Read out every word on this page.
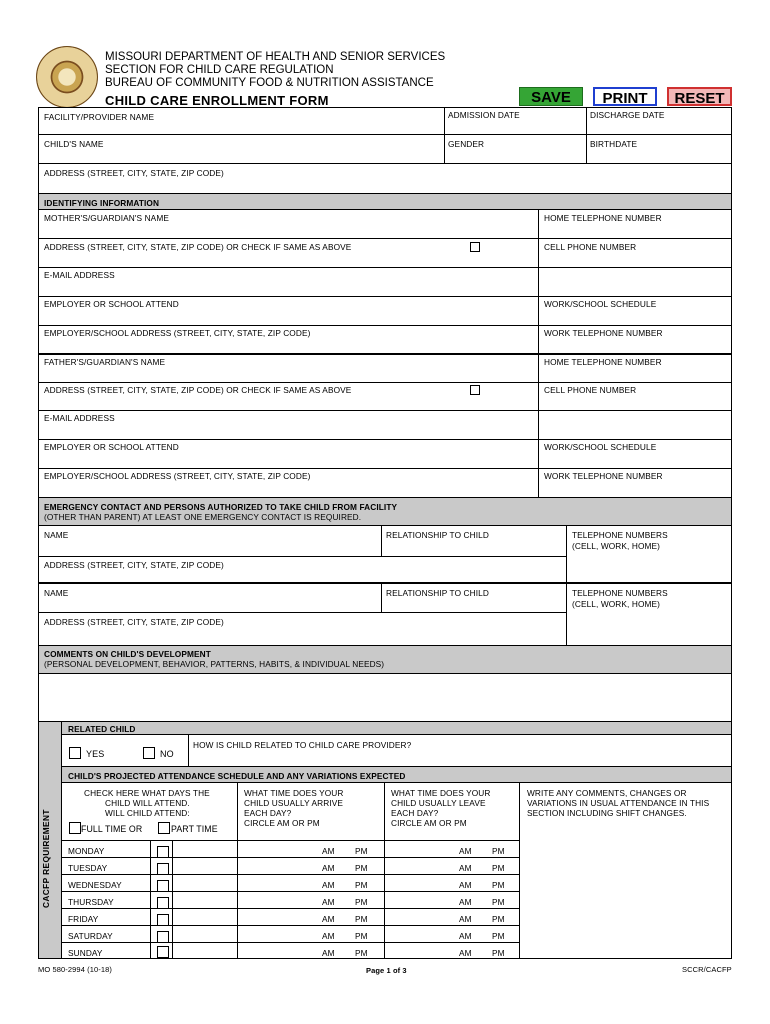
MISSOURI DEPARTMENT OF HEALTH AND SENIOR SERVICES
SECTION FOR CHILD CARE REGULATION
BUREAU OF COMMUNITY FOOD & NUTRITION ASSISTANCE
CHILD CARE ENROLLMENT FORM	SAVE	PRINT	RESET
FACILITY/PROVIDER NAME	ADMISSION DATE	DISCHARGE DATE
CHILD'S NAME	GENDER	BIRTHDATE
ADDRESS (STREET, CITY, STATE, ZIP CODE)
IDENTIFYING INFORMATION
MOTHER'S/GUARDIAN'S NAME	HOME TELEPHONE NUMBER
ADDRESS (STREET, CITY, STATE, ZIP CODE) OR CHECK IF SAME AS ABOVE	CELL PHONE NUMBER
E-MAIL ADDRESS
EMPLOYER OR SCHOOL ATTEND	WORK/SCHOOL SCHEDULE
EMPLOYER/SCHOOL ADDRESS (STREET, CITY, STATE, ZIP CODE)	WORK TELEPHONE NUMBER
FATHER'S/GUARDIAN'S NAME	HOME TELEPHONE NUMBER
ADDRESS (STREET, CITY, STATE, ZIP CODE) OR CHECK IF SAME AS ABOVE	CELL PHONE NUMBER
E-MAIL ADDRESS
EMPLOYER OR SCHOOL ATTEND	WORK/SCHOOL SCHEDULE
EMPLOYER/SCHOOL ADDRESS (STREET, CITY, STATE, ZIP CODE)	WORK TELEPHONE NUMBER
EMERGENCY CONTACT AND PERSONS AUTHORIZED TO TAKE CHILD FROM FACILITY
(OTHER THAN PARENT) AT LEAST ONE EMERGENCY CONTACT IS REQUIRED.
NAME	RELATIONSHIP TO CHILD	TELEPHONE NUMBERS
(CELL, WORK, HOME)
ADDRESS (STREET, CITY, STATE, ZIP CODE)
NAME	RELATIONSHIP TO CHILD	TELEPHONE NUMBERS
(CELL, WORK, HOME)
ADDRESS (STREET, CITY, STATE, ZIP CODE)
COMMENTS ON CHILD'S DEVELOPMENT
(PERSONAL DEVELOPMENT, BEHAVIOR, PATTERNS, HABITS, & INDIVIDUAL NEEDS)
CACFP REQUIREMENT
RELATED CHILD
YES	NO
HOW IS CHILD RELATED TO CHILD CARE PROVIDER?
CHILD'S PROJECTED ATTENDANCE SCHEDULE AND ANY VARIATIONS EXPECTED
CHECK HERE WHAT DAYS THE
CHILD WILL ATTEND.
WILL CHILD ATTEND:
FULL TIME OR	PART TIME
WHAT TIME DOES YOUR
CHILD USUALLY ARRIVE
EACH DAY?
CIRCLE AM OR PM
WHAT TIME DOES YOUR
CHILD USUALLY LEAVE
EACH DAY?
CIRCLE AM OR PM
WRITE ANY COMMENTS, CHANGES OR
VARIATIONS IN USUAL ATTENDANCE IN THIS
SECTION INCLUDING SHIFT CHANGES.
MONDAY	AM PM	AM PM
TUESDAY	AM PM	AM PM
WEDNESDAY	AM PM	AM PM
THURSDAY	AM PM	AM PM
FRIDAY	AM PM	AM PM
SATURDAY	AM PM	AM PM
SUNDAY	AM PM	AM PM
MO 580-2994 (10-18)	Page 1 of 3	SCCR/CACFP
